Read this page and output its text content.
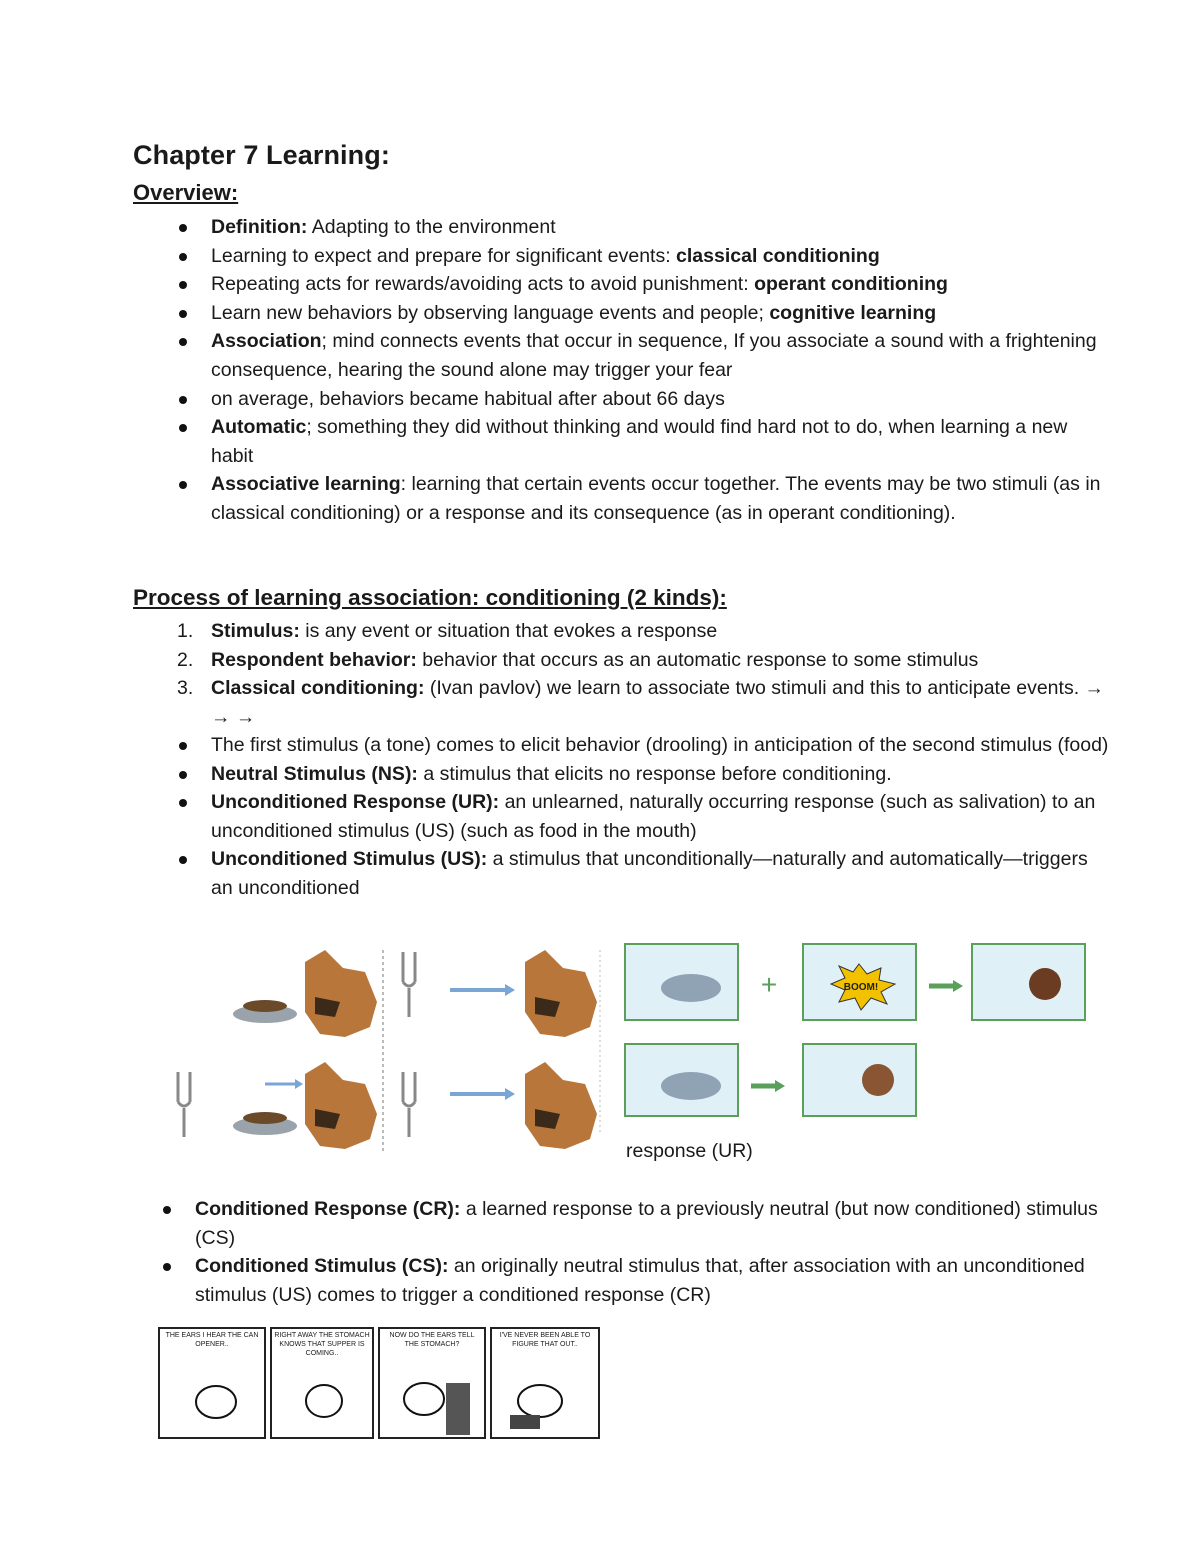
Chapter 7 Learning:
Overview:
Definition: Adapting to the environment
Learning to expect and prepare for significant events: classical conditioning
Repeating acts for rewards/avoiding acts to avoid punishment: operant conditioning
Learn new behaviors by observing language events and people; cognitive learning
Association; mind connects events that occur in sequence, If you associate a sound with a frightening consequence, hearing the sound alone may trigger your fear
on average, behaviors became habitual after about 66 days
Automatic; something they did without thinking and would find hard not to do, when learning a new habit
Associative learning: learning that certain events occur together. The events may be two stimuli (as in classical conditioning) or a response and its consequence (as in operant conditioning).
Process of learning association: conditioning (2 kinds):
1. Stimulus: is any event or situation that evokes a response
2. Respondent behavior: behavior that occurs as an automatic response to some stimulus
3. Classical conditioning: (Ivan pavlov) we learn to associate two stimuli and this to anticipate events. → → →
The first stimulus (a tone) comes to elicit behavior (drooling) in anticipation of the second stimulus (food)
Neutral Stimulus (NS): a stimulus that elicits no response before conditioning.
Unconditioned Response (UR): an unlearned, naturally occurring response (such as salivation) to an unconditioned stimulus (US) (such as food in the mouth)
Unconditioned Stimulus (US): a stimulus that unconditionally—naturally and automatically—triggers an unconditioned
+	BOOM!
response (UR)
Conditioned Response (CR): a learned response to a previously neutral (but now conditioned) stimulus (CS)
Conditioned Stimulus (CS): an originally neutral stimulus that, after association with an unconditioned stimulus (US) comes to trigger a conditioned response (CR)
THE EARS I HEAR THE CAN OPENER..
RIGHT AWAY THE STOMACH KNOWS THAT SUPPER IS COMING..
NOW DO THE EARS TELL THE STOMACH?
I'VE NEVER BEEN ABLE TO FIGURE THAT OUT..
